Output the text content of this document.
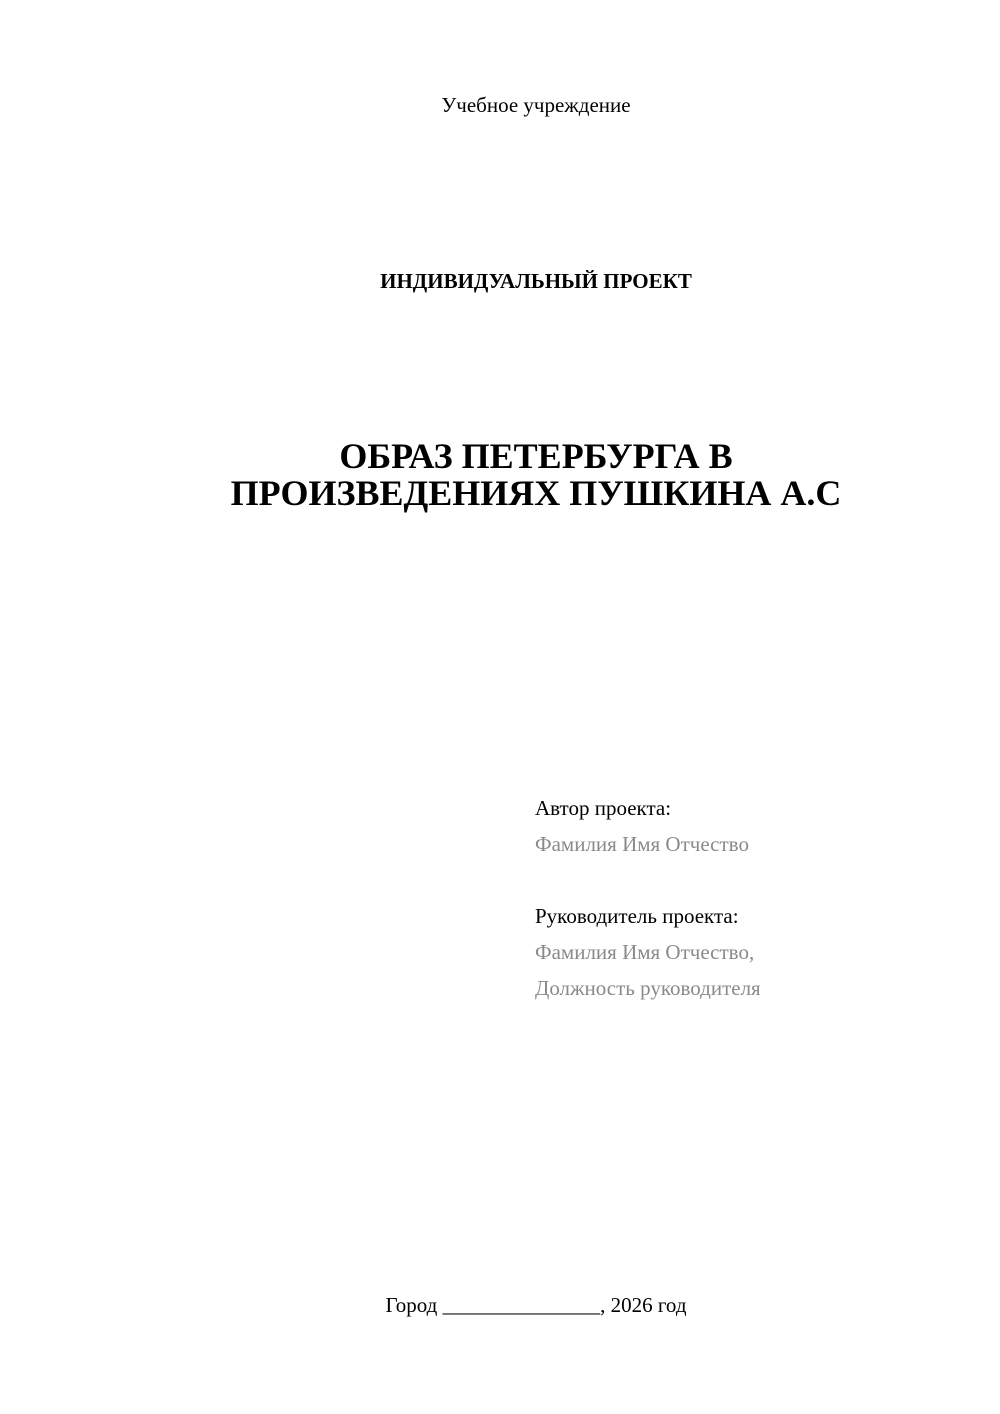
Учебное учреждение
ИНДИВИДУАЛЬНЫЙ ПРОЕКТ
ОБРАЗ ПЕТЕРБУРГА В
ПРОИЗВЕДЕНИЯХ ПУШКИНА А.С
Автор проекта:
Фамилия Имя Отчество
Руководитель проекта:
Фамилия Имя Отчество,
Должность руководителя
Город _______________, 2026 год
